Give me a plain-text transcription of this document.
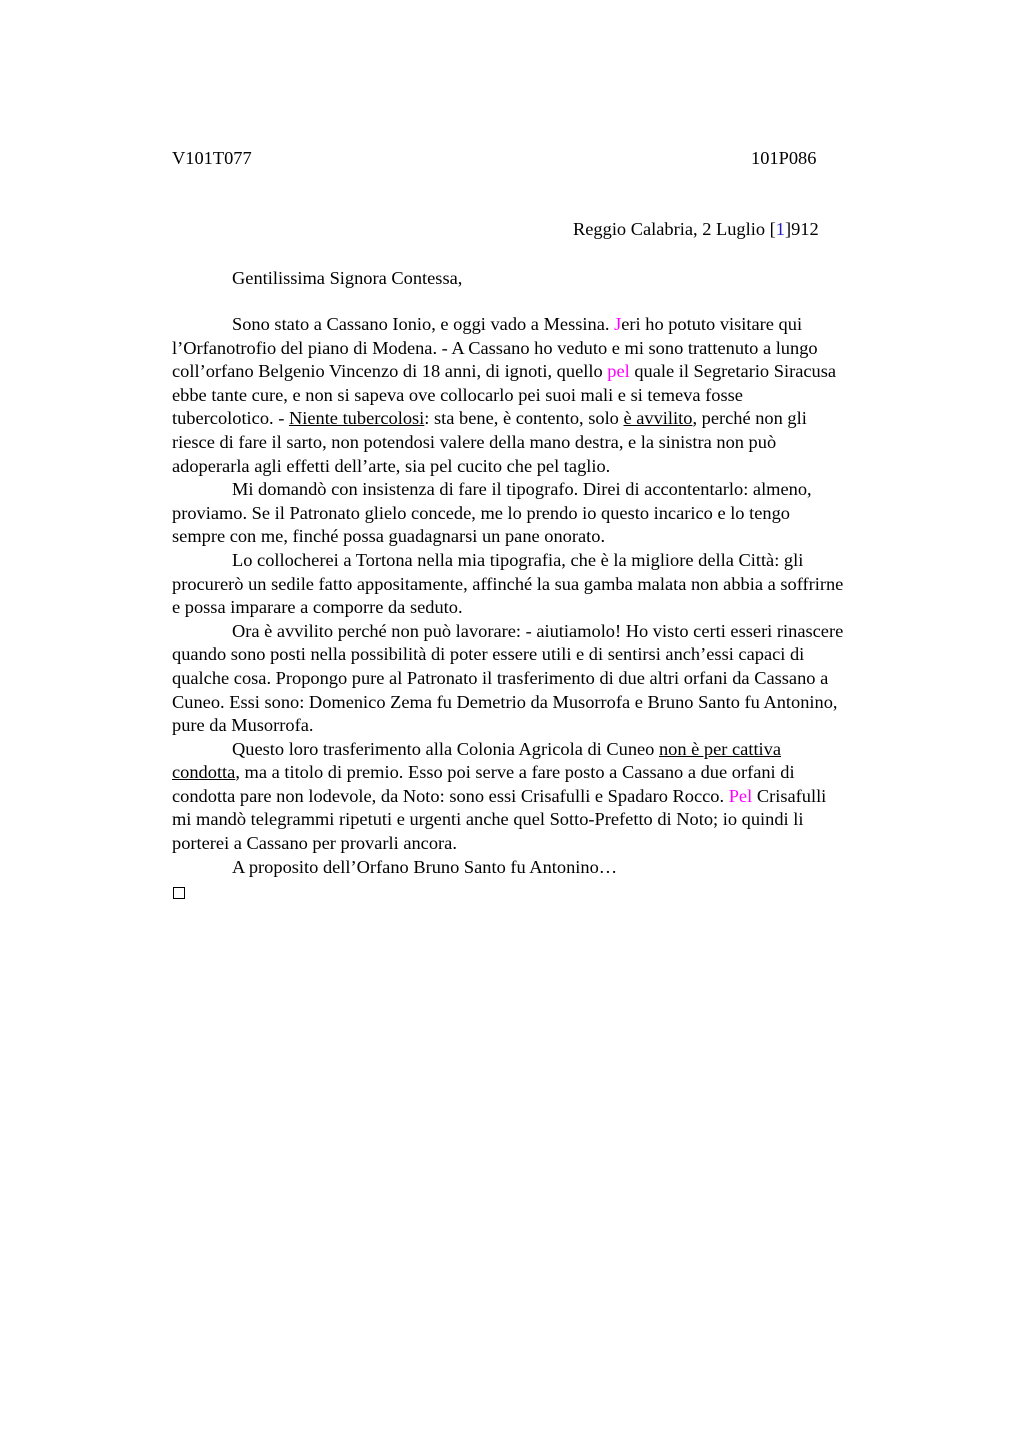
V101T077	101P086
Reggio Calabria, 2 Luglio [1]912
Gentilissima Signora Contessa,
Sono stato a Cassano Ionio, e oggi vado a Messina. Jeri ho potuto visitare qui
l’Orfanotrofio del piano di Modena. - A Cassano ho veduto e mi sono trattenuto a lungo
coll’orfano Belgenio Vincenzo di 18 anni, di ignoti, quello pel quale il Segretario Siracusa
ebbe tante cure, e non si sapeva ove collocarlo pei suoi mali e si temeva fosse
tubercolotico. - Niente tubercolosi: sta bene, è contento, solo è avvilito, perché non gli
riesce di fare il sarto, non potendosi valere della mano destra, e la sinistra non può
adoperarla agli effetti dell’arte, sia pel cucito che pel taglio.
Mi domandò con insistenza di fare il tipografo. Direi di accontentarlo: almeno,
proviamo. Se il Patronato glielo concede, me lo prendo io questo incarico e lo tengo
sempre con me, finché possa guadagnarsi un pane onorato.
Lo collocherei a Tortona nella mia tipografia, che è la migliore della Città: gli
procurerò un sedile fatto appositamente, affinché la sua gamba malata non abbia a soffrirne
e possa imparare a comporre da seduto.
Ora è avvilito perché non può lavorare: - aiutiamolo! Ho visto certi esseri rinascere
quando sono posti nella possibilità di poter essere utili e di sentirsi anch’essi capaci di
qualche cosa. Propongo pure al Patronato il trasferimento di due altri orfani da Cassano a
Cuneo. Essi sono: Domenico Zema fu Demetrio da Musorrofa e Bruno Santo fu Antonino,
pure da Musorrofa.
Questo loro trasferimento alla Colonia Agricola di Cuneo non è per cattiva
condotta, ma a titolo di premio. Esso poi serve a fare posto a Cassano a due orfani di
condotta pare non lodevole, da Noto: sono essi Crisafulli e Spadaro Rocco. Pel Crisafulli
mi mandò telegrammi ripetuti e urgenti anche quel Sotto-Prefetto di Noto; io quindi li
porterei a Cassano per provarli ancora.
A proposito dell’Orfano Bruno Santo fu Antonino…
